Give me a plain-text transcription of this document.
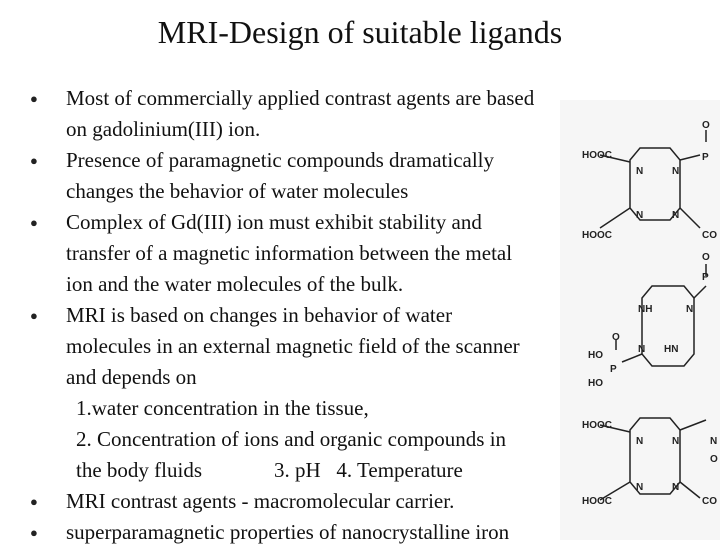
MRI-Design of suitable ligands
HOOC
HOOC	CO
P
O
N	N
N	N
NH
HN
N
N
P
O
HO
HO
P
O
HOOC
HOOC	CO
N	N
N	N
N
O
● Most of commercially applied contrast agents are based
on gadolinium(III) ion.
● Presence of paramagnetic compounds dramatically
changes the behavior of water molecules
● Complex of Gd(III) ion must exhibit stability and
transfer of a magnetic information between the metal
ion and the water molecules of the bulk.
● MRI is based on changes in behavior of water
molecules in an external magnetic field of the scanner
and depends on
1.water concentration in the tissue,
2. Concentration of ions and organic compounds in
the body fluids	3. pH 4. Temperature
● MRI contrast agents - macromolecular carrier.
● superparamagnetic properties of nanocrystalline iron
